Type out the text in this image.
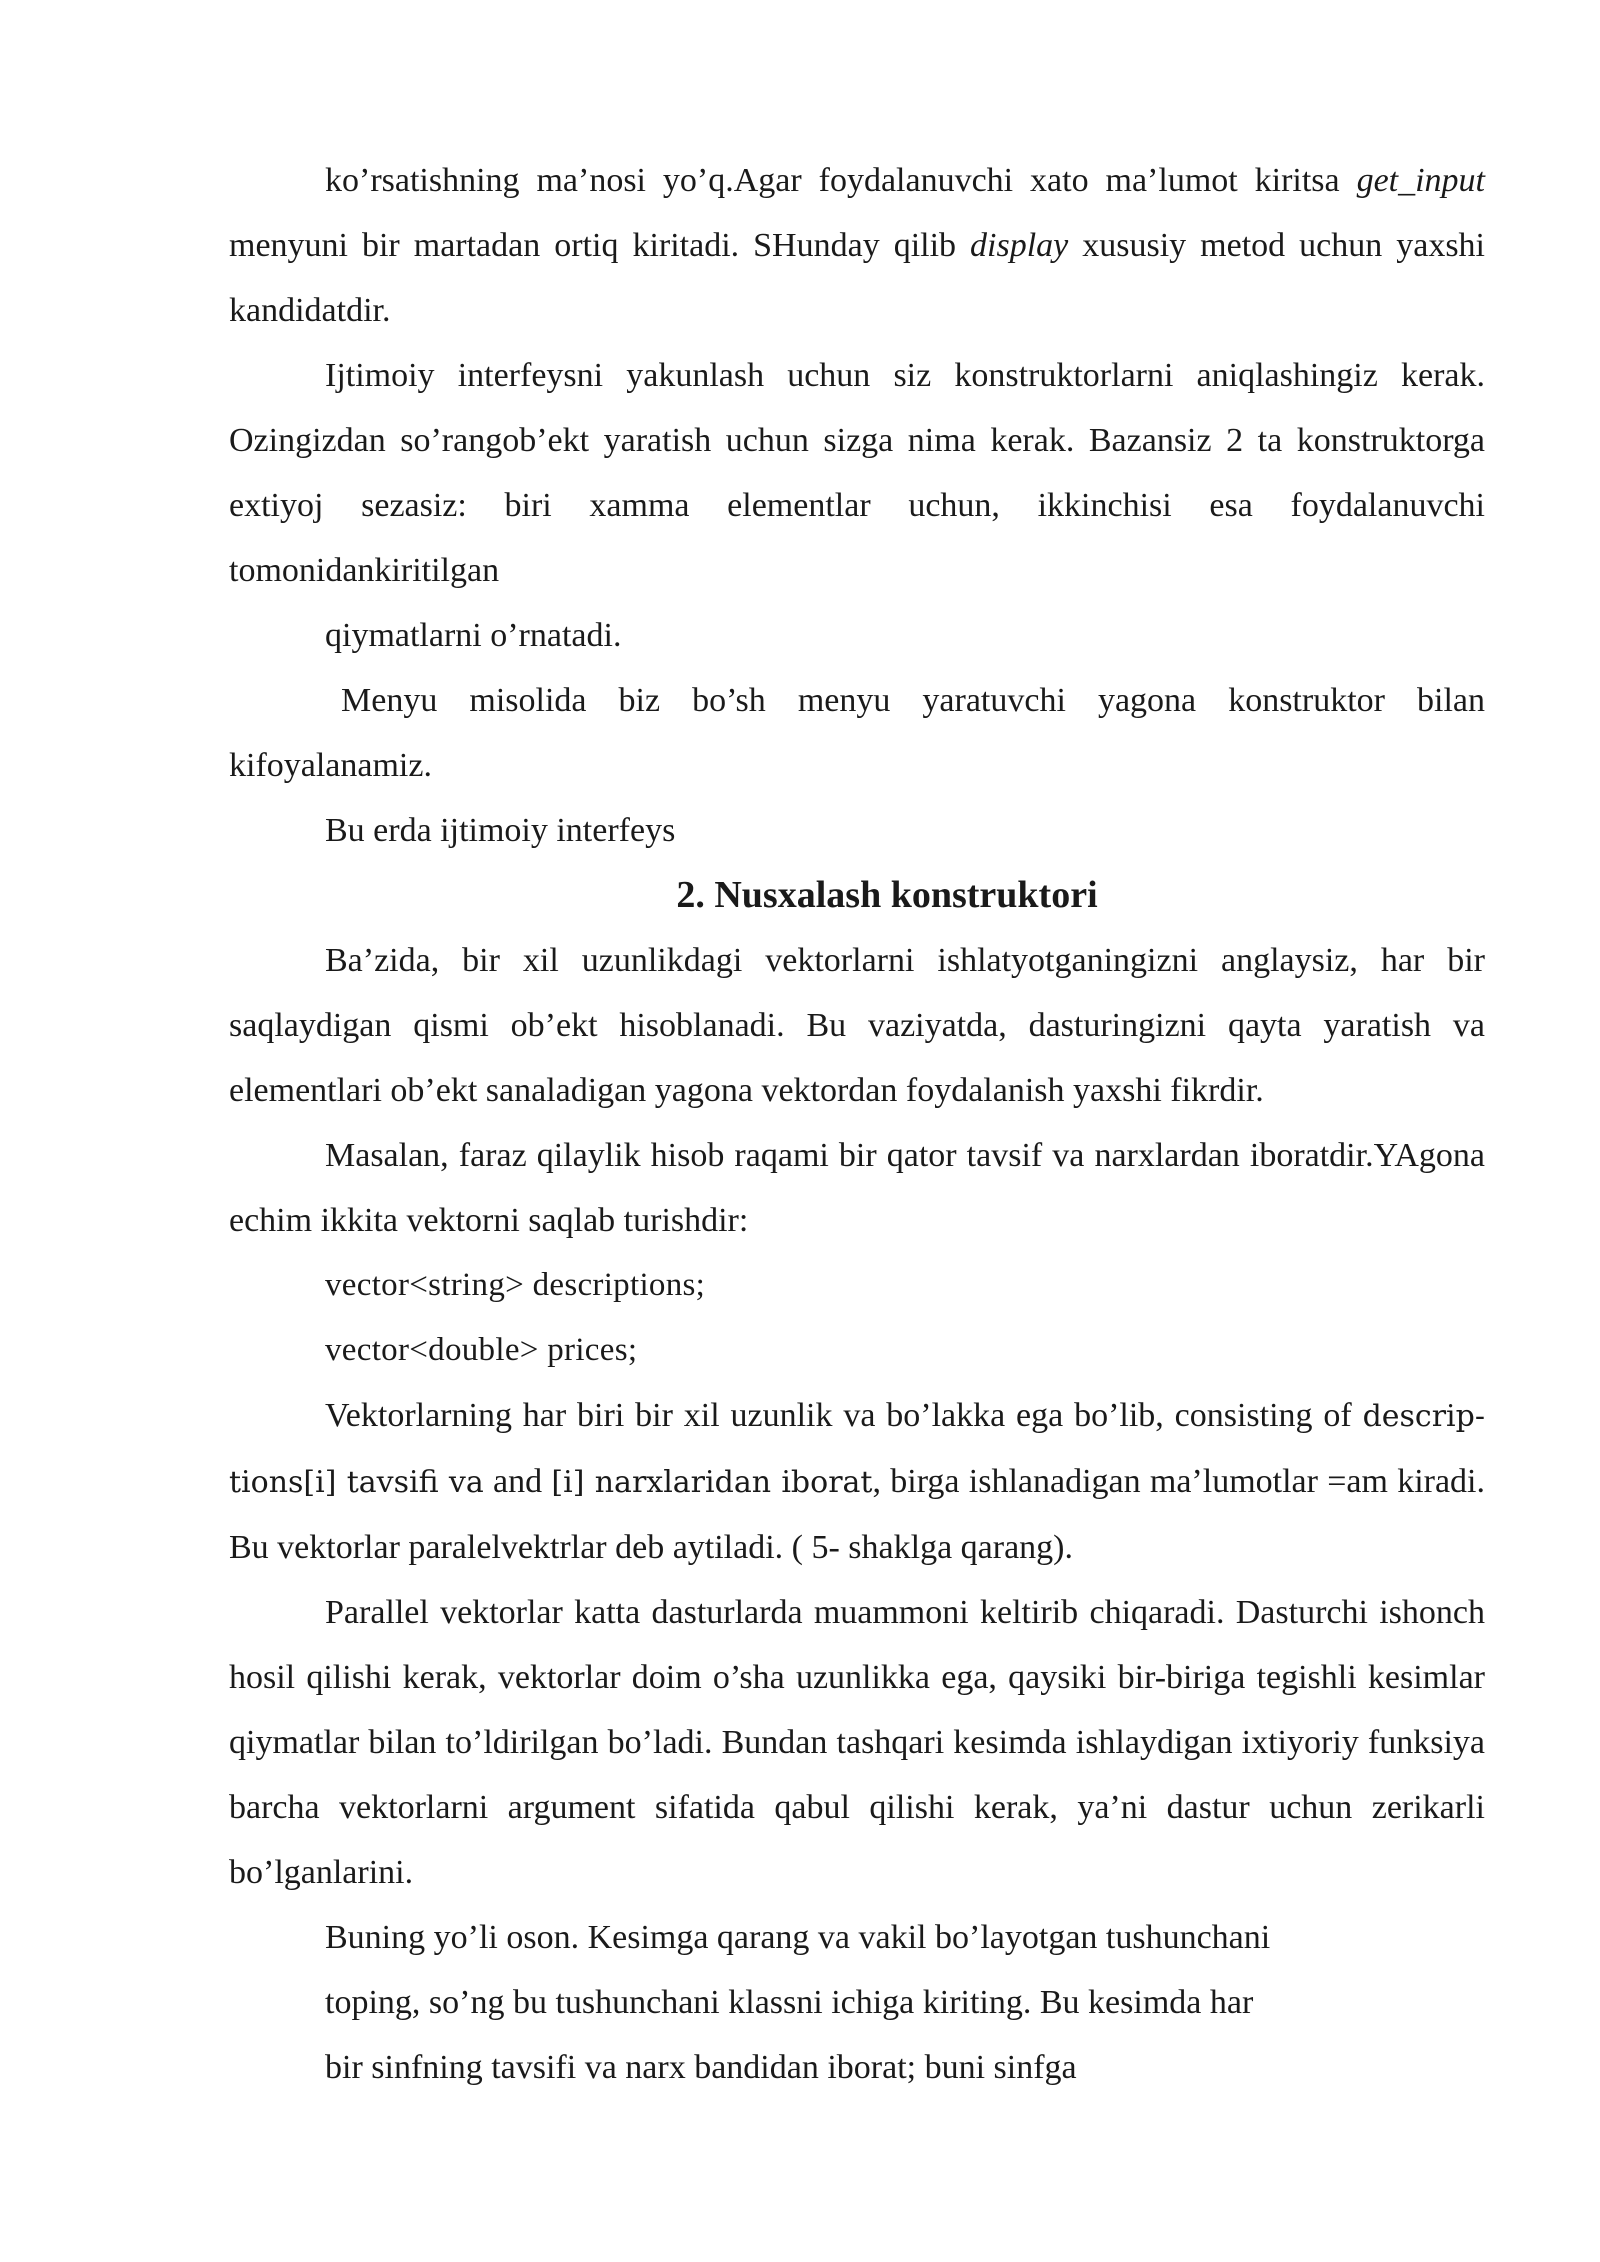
ko’rsatishning ma’nosi yo’q.Agar foydalanuvchi xato ma’lumot kiritsa get_input menyuni bir martadan ortiq kiritadi. SHunday qilib display xususiy metod uchun yaxshi kandidatdir.

Ijtimoiy interfeysni yakunlash uchun siz konstruktorlarni aniqlashingiz kerak. Ozingizdan so’rangob’ekt yaratish uchun sizga nima kerak. Bazansiz 2 ta konstruktorga extiyoj sezasiz: biri xamma elementlar uchun, ikkinchisi esa foydalanuvchi tomonidankiritilgan

qiymatlarni o’rnatadi.

Menyu misolida biz bo’sh menyu yaratuvchi yagona konstruktor bilan kifoyalanamiz.

Bu erda ijtimoiy interfeys

2. Nusxalash konstruktori

Ba’zida, bir xil uzunlikdagi vektorlarni ishlatyotganingizni anglaysiz, har bir saqlaydigan qismi ob’ekt hisoblanadi. Bu vaziyatda, dasturingizni qayta yaratish va elementlari ob’ekt sanaladigan yagona vektordan foydalanish yaxshi fikrdir.

Masalan, faraz qilaylik hisob raqami bir qator tavsif va narxlardan iboratdir.YAgona echim ikkita vektorni saqlab turishdir:

vector<string> descriptions;

vector<double> prices;

Vektorlarning har biri bir xil uzunlik va bo’lakka ega bo’lib, consisting of descrip-tions[i] tavsifi va and [i] narxlaridan iborat, birga ishlanadigan ma’lumotlar =am kiradi. Bu vektorlar paralelvektrlar deb aytiladi. ( 5- shaklga qarang).

Parallel vektorlar katta dasturlarda muammoni keltirib chiqaradi. Dasturchi ishonch hosil qilishi kerak, vektorlar doim o’sha uzunlikka ega, qaysiki bir-biriga tegishli kesimlar qiymatlar bilan to’ldirilgan bo’ladi. Bundan tashqari kesimda ishlaydigan ixtiyoriy funksiya barcha vektorlarni argument sifatida qabul qilishi kerak, ya’ni dastur uchun zerikarli bo’lganlarini.

Buning yo’li oson. Kesimga qarang va vakil bo’layotgan tushunchani

toping, so’ng bu tushunchani klassni ichiga kiriting. Bu kesimda har

bir sinfning tavsifi va narx bandidan iborat; buni sinfga
